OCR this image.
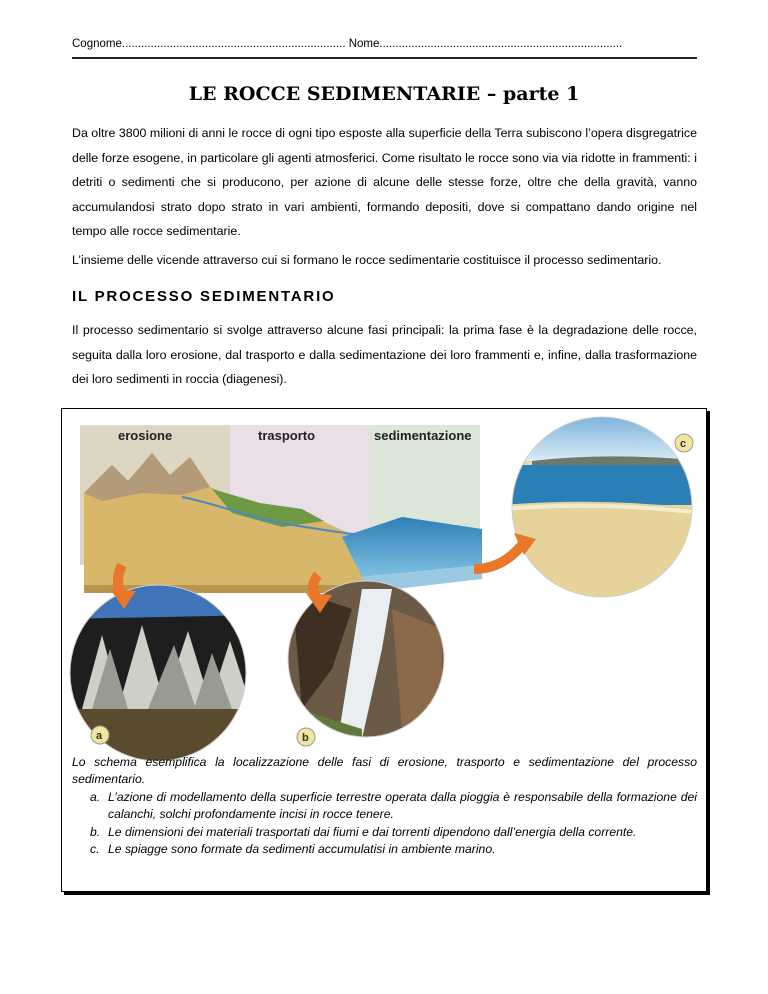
Cognome...................................................................... Nome............................................................................
LE ROCCE SEDIMENTARIE – parte 1
Da oltre 3800 milioni di anni le rocce di ogni tipo esposte alla superficie della Terra subiscono l’opera disgregatrice delle forze esogene, in particolare gli agenti atmosferici. Come risultato le rocce sono via via ridotte in frammenti: i detriti o sedimenti che si producono, per azione di alcune delle stesse forze, oltre che della gravità, vanno accumulandosi strato dopo strato in vari ambienti, formando depositi, dove si compattano dando origine nel tempo alle rocce sedimentarie.
L’insieme delle vicende attraverso cui si formano le rocce sedimentarie costituisce il processo sedimentario.
IL PROCESSO SEDIMENTARIO
Il processo sedimentario si svolge attraverso alcune fasi principali: la prima fase è la degradazione delle rocce, seguita dalla loro erosione, dal trasporto e dalla sedimentazione dei loro frammenti e, infine, dalla trasformazione dei loro sedimenti in roccia (diagenesi).
erosione	trasporto	sedimentazione
c
a	b
Lo schema esemplifica la localizzazione delle fasi di erosione, trasporto e sedimentazione del processo sedimentario.
a. L’azione di modellamento della superficie terrestre operata dalla pioggia è responsabile della formazione dei calanchi, solchi profondamente incisi in rocce tenere.
b. Le dimensioni dei materiali trasportati dai fiumi e dai torrenti dipendono dall’energia della corrente.
c. Le spiagge sono formate da sedimenti accumulatisi in ambiente marino.
